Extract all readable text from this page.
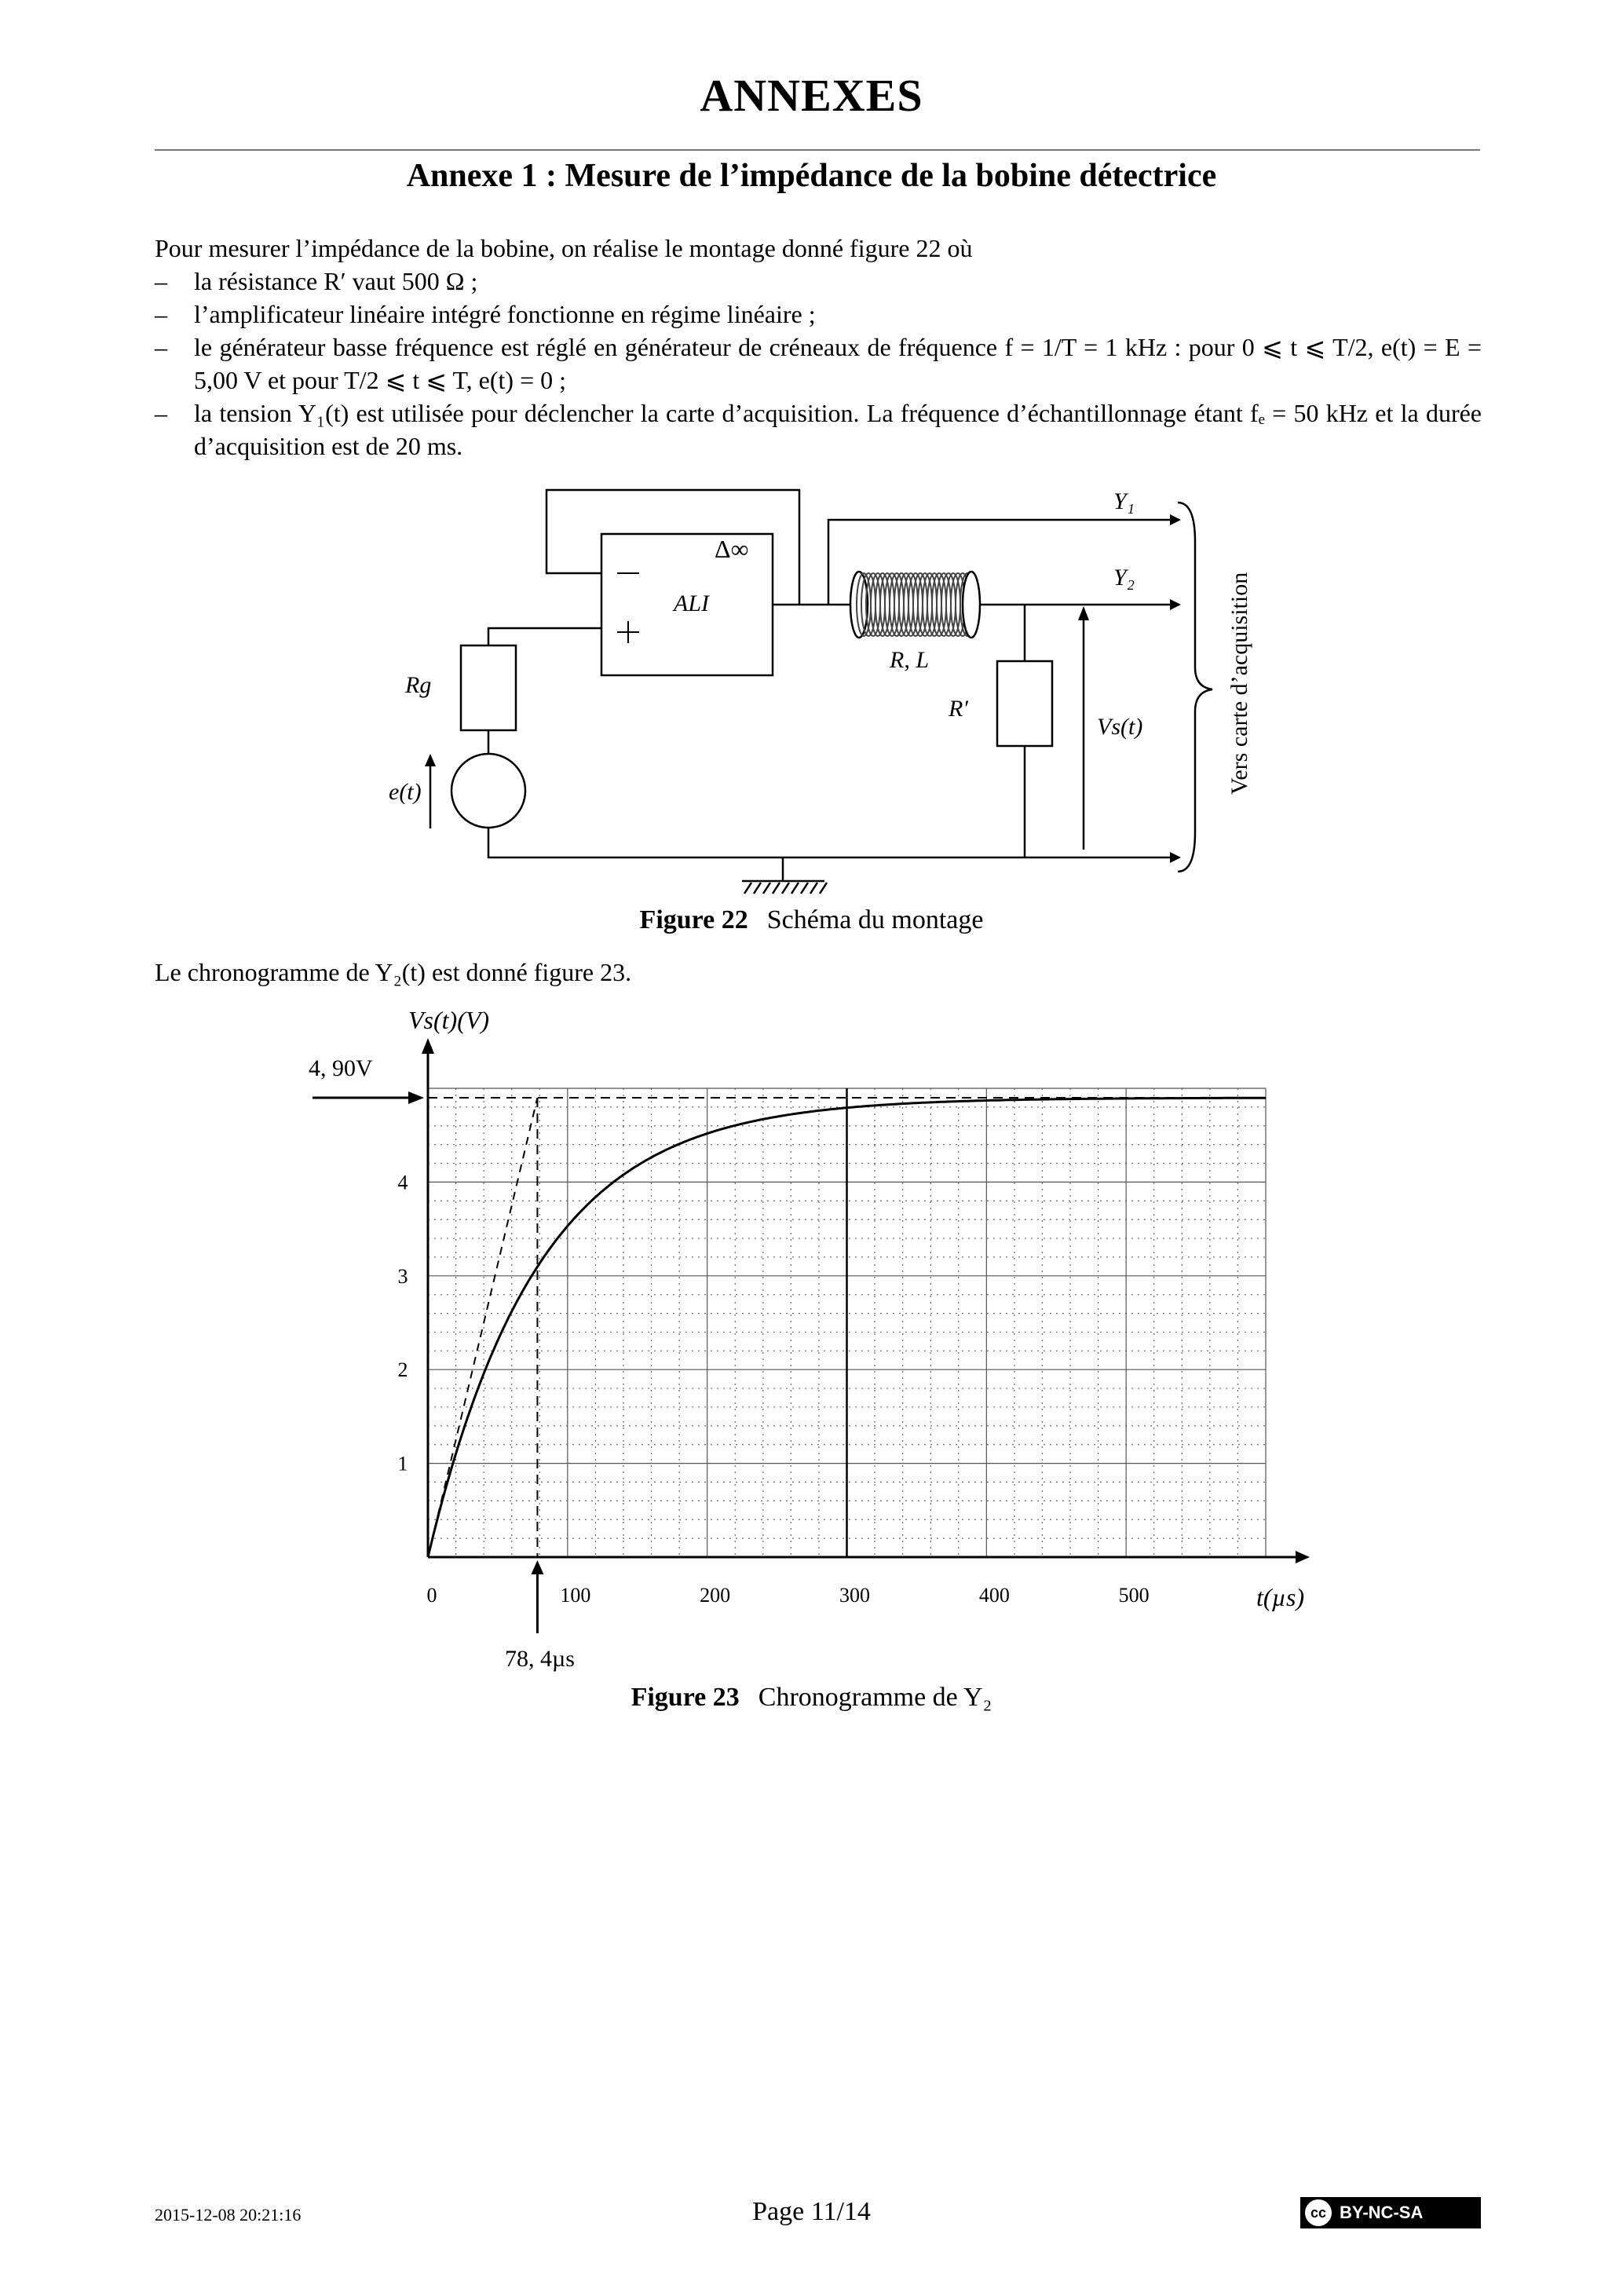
ANNEXES
Annexe 1 : Mesure de l’impédance de la bobine détectrice
Pour mesurer l’impédance de la bobine, on réalise le montage donné figure 22 où
– la résistance R′ vaut 500 Ω ;
– l’amplificateur linéaire intégré fonctionne en régime linéaire ;
– le générateur basse fréquence est réglé en générateur de créneaux de fréquence f = 1/T = 1 kHz : pour 0 ⩽ t ⩽ T/2, e(t) = E = 5,00 V et pour T/2 ⩽ t ⩽ T, e(t) = 0 ;
– la tension Y₁(t) est utilisée pour déclencher la carte d’acquisition. La fréquence d’échantillonnage étant fₑ = 50 kHz et la durée d’acquisition est de 20 ms.
Y₁
Y₂
Δ∞
ALI
R, L
Rg
R′
Vs(t)
e(t)	Vers carte d’acquisition
Figure 22 Schéma du montage
Le chronogramme de Y₂(t) est donné figure 23.
0	100	200	300	400	500
1
2
3
4
Vs(t)(V)
t(µs)
4, 90V
78, 4µs
Figure 23 Chronogramme de Y₂
2015-12-08 20:21:16	Page 11/14	cc BY-NC-SA
